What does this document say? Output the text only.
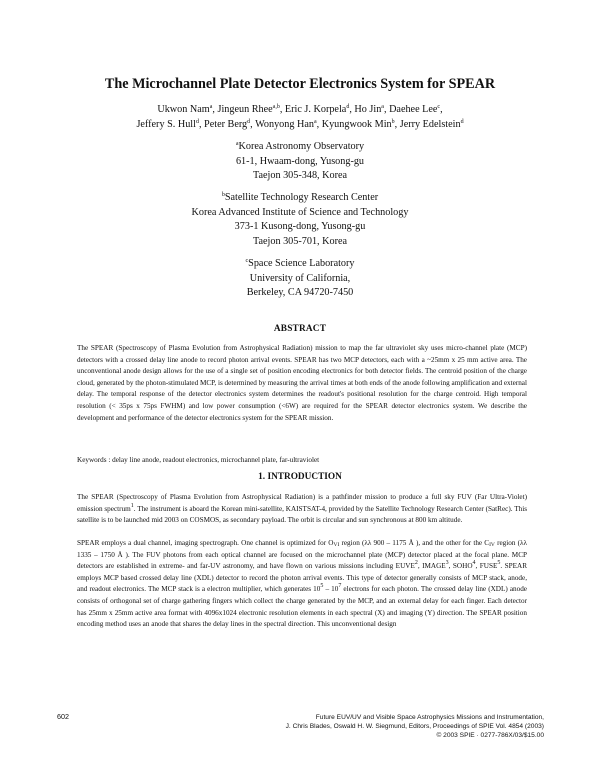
The Microchannel Plate Detector Electronics System for SPEAR
Ukwon Nam$^a$, Jingeun Rhee$^{a,b}$, Eric J. Korpela$^d$, Ho Jin$^a$, Daehee Lee$^c$,
Jeffery S. Hull$^d$, Peter Berg$^d$, Wonyong Han$^a$, Kyungwook Min$^b$, Jerry Edelstein$^d$
$^a$Korea Astronomy Observatory
61-1, Hwaam-dong, Yusong-gu
Taejon 305-348, Korea
$^b$Satellite Technology Research Center
Korea Advanced Institute of Science and Technology
373-1 Kusong-dong, Yusong-gu
Taejon 305-701, Korea
$^c$Space Science Laboratory
University of California,
Berkeley, CA 94720-7450
ABSTRACT

The SPEAR (Spectroscopy of Plasma Evolution from Astrophysical Radiation) mission to map the far ultraviolet sky uses micro-channel plate (MCP) detectors with a crossed delay line anode to record photon arrival events. SPEAR has two MCP detectors, each with a ~25mm x 25 mm active area. The unconventional anode design allows for the use of a single set of position encoding electronics for both detector fields. The centroid position of the charge cloud, generated by the photon-stimulated MCP, is determined by measuring the arrival times at both ends of the anode following amplification and external delay. The temporal response of the detector electronics system determines the readout's positional resolution for the charge centroid. High temporal resolution (< 35ps x 75ps FWHM) and low power consumption (<6W) are required for the SPEAR detector electronics system. We describe the development and performance of the detector electronics system for the SPEAR mission.

Keywords : delay line anode, readout electronics, microchannel plate, far-ultraviolet

1. INTRODUCTION

The SPEAR (Spectroscopy of Plasma Evolution from Astrophysical Radiation) is a pathfinder mission to produce a full sky FUV (Far Ultra-Violet) emission spectrum$^1$. The instrument is aboard the Korean mini-satellite, KAISTSAT-4, provided by the Satellite Technology Research Center (SatRec). This satellite is to be launched mid 2003 on COSMOS, as secondary payload. The orbit is circular and sun synchronous at 800 km altitude.

SPEAR employs a dual channel, imaging spectrograph. One channel is optimized for $O_{VI}$ region (λλ 900 – 1175 Å ), and the other for the $C_{IV}$ region (λλ 1335 – 1750 Å ). The FUV photons from each optical channel are focused on the microchannel plate (MCP) detector placed at the focal plane. MCP detectors are established in extreme- and far-UV astronomy, and have flown on various missions including EUVE$^2$, IMAGE$^3$, SOHO$^4$, FUSE$^5$. SPEAR employs MCP based crossed delay line (XDL) detector to record the photon arrival events. This type of detector generally consists of MCP stack, anode, and readout electronics. The MCP stack is a electron multiplier, which generates $10^5 - 10^7$ electrons for each photon. The crossed delay line (XDL) anode consists of orthogonal set of charge gathering fingers which collect the charge generated by the MCP, and an external delay for each finger. Each detector has 25mm x 25mm active area format with 4096x1024 electronic resolution elements in each spectral (X) and imaging (Y) direction. The SPEAR position encoding method uses an anode that shares the delay lines in the spectral direction. This unconventional design

602	Future EUV/UV and Visible Space Astrophysics Missions and Instrumentation,
J. Chris Blades, Oswald H. W. Siegmund, Editors, Proceedings of SPIE Vol. 4854 (2003)
© 2003 SPIE · 0277-786X/03/$15.00
